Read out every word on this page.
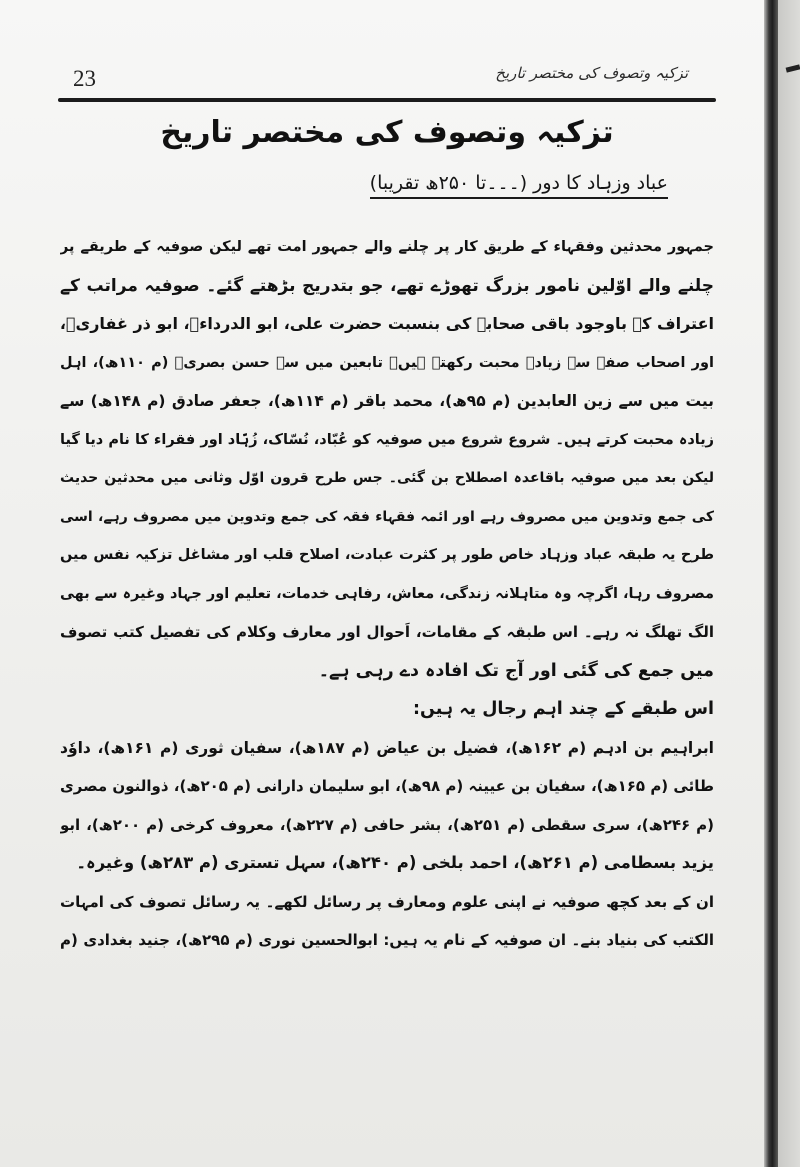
23	تزکیہ وتصوف کی مختصر تاریخ
تزکیہ وتصوف کی مختصر تاریخ
عباد وزہاد کا دور (۔۔۔تا ۲۵۰ھ تقریبا)
جمہور محدثین وفقہاء کے طریق کار پر چلنے والے جمہور امت تھے لیکن صوفیہ کے طریقے پر
چلنے والے اوّلین نامور بزرگ تھوڑے تھے، جو بتدریج بڑھتے گئے۔ صوفیہ مراتب کے
اعتراف کے باوجود باقی صحابہ کی بنسبت حضرت علی، ابو الدرداءؓ، ابو ذر غفاریؓ،
اور اصحاب صفہ سے زیادہ محبت رکھتے ہیں۔ تابعین میں سے حسن بصریؒ (م ۱۱۰ھ)، اہل
بیت میں سے زین العابدین (م ۹۵ھ)، محمد باقر (م ۱۱۴ھ)، جعفر صادق (م ۱۴۸ھ) سے
زیادہ محبت کرتے ہیں۔ شروع شروع میں صوفیہ کو عُبّاد، نُسّاک، زُہّاد اور فقراء کا نام دیا گیا
لیکن بعد میں صوفیہ باقاعدہ اصطلاح بن گئی۔ جس طرح قرون اوّل وثانی میں محدثین حدیث
کی جمع وتدوین میں مصروف رہے اور ائمہ فقہاء فقہ کی جمع وتدوین میں مصروف رہے، اسی
طرح یہ طبقہ عباد وزہاد خاص طور پر کثرت عبادت، اصلاح قلب اور مشاغل تزکیہ نفس میں
مصروف رہا، اگرچہ وہ متاہلانہ زندگی، معاش، رفاہی خدمات، تعلیم اور جہاد وغیرہ سے بھی
الگ تھلگ نہ رہے۔ اس طبقہ کے مقامات، اَحوال اور معارف وکلام کی تفصیل کتب تصوف
میں جمع کی گئی اور آج تک افادہ دے رہی ہے۔
اس طبقے کے چند اہم رجال یہ ہیں:
ابراہیم بن ادہم (م ۱۶۲ھ)، فضیل بن عیاض (م ۱۸۷ھ)، سفیان ثوری (م ۱۶۱ھ)، داوٗد
طائی (م ۱۶۵ھ)، سفیان بن عیینہ (م ۹۸ھ)، ابو سلیمان دارانی (م ۲۰۵ھ)، ذوالنون مصری
(م ۲۴۶ھ)، سری سقطی (م ۲۵۱ھ)، بشر حافی (م ۲۲۷ھ)، معروف کرخی (م ۲۰۰ھ)، ابو
یزید بسطامی (م ۲۶۱ھ)، احمد بلخی (م ۲۴۰ھ)، سہل تستری (م ۲۸۳ھ) وغیرہ۔
ان کے بعد کچھ صوفیہ نے اپنی علوم ومعارف پر رسائل لکھے۔ یہ رسائل تصوف کی امہات
الکتب کی بنیاد بنے۔ ان صوفیہ کے نام یہ ہیں: ابوالحسین نوری (م ۲۹۵ھ)، جنید بغدادی (م
